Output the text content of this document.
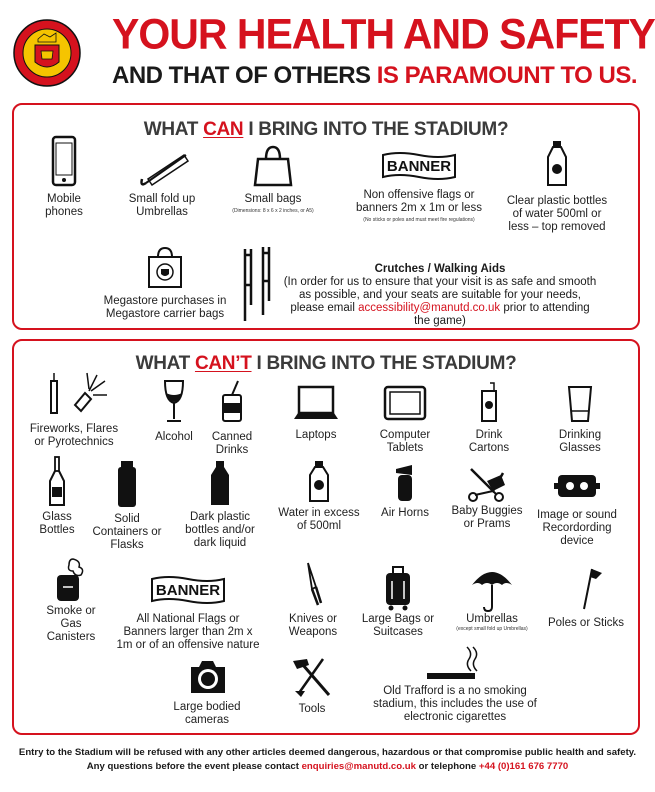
YOUR HEALTH AND SAFETY
AND THAT OF OTHERS IS PARAMOUNT TO US.
WHAT CAN I BRING INTO THE STADIUM?
Mobile phones
Small fold up Umbrellas
Small bags
(Dimensions: 8 x 6 x 2 inches, or A5)
BANNER
Non offensive flags or banners 2m x 1m or less
(No sticks or poles and must meet fire regulations)
Clear plastic bottles of water 500ml or less – top removed
Megastore purchases in Megastore carrier bags
Crutches / Walking Aids
(In order for us to ensure that your visit is as safe and smooth as possible, and your seats are suitable for your needs, please email accessibility@manutd.co.uk prior to attending the game)
WHAT CAN’T I BRING INTO THE STADIUM?
Fireworks, Flares or Pyrotechnics	Alcohol	Canned Drinks
Laptops	Computer Tablets
Drink Cartons
Drinking Glasses
Glass Bottles
Solid Containers or Flasks
Dark plastic bottles and/or dark liquid
Water in excess of 500ml
Air Horns	Baby Buggies or Prams
Image or sound Recordording device
Smoke or Gas Canisters
BANNER
All National Flags or Banners larger than 2m x 1m or of an offensive nature
Knives or Weapons
Large Bags or Suitcases
Umbrellas
(except small fold up Umbrellas)	Poles or Sticks
Large bodied cameras
Tools
Old Trafford is a no smoking stadium, this includes the use of electronic cigarettes
Entry to the Stadium will be refused with any other articles deemed dangerous, hazardous or that compromise public health and safety.
Any questions before the event please contact enquiries@manutd.co.uk or telephone +44 (0)161 676 7770
